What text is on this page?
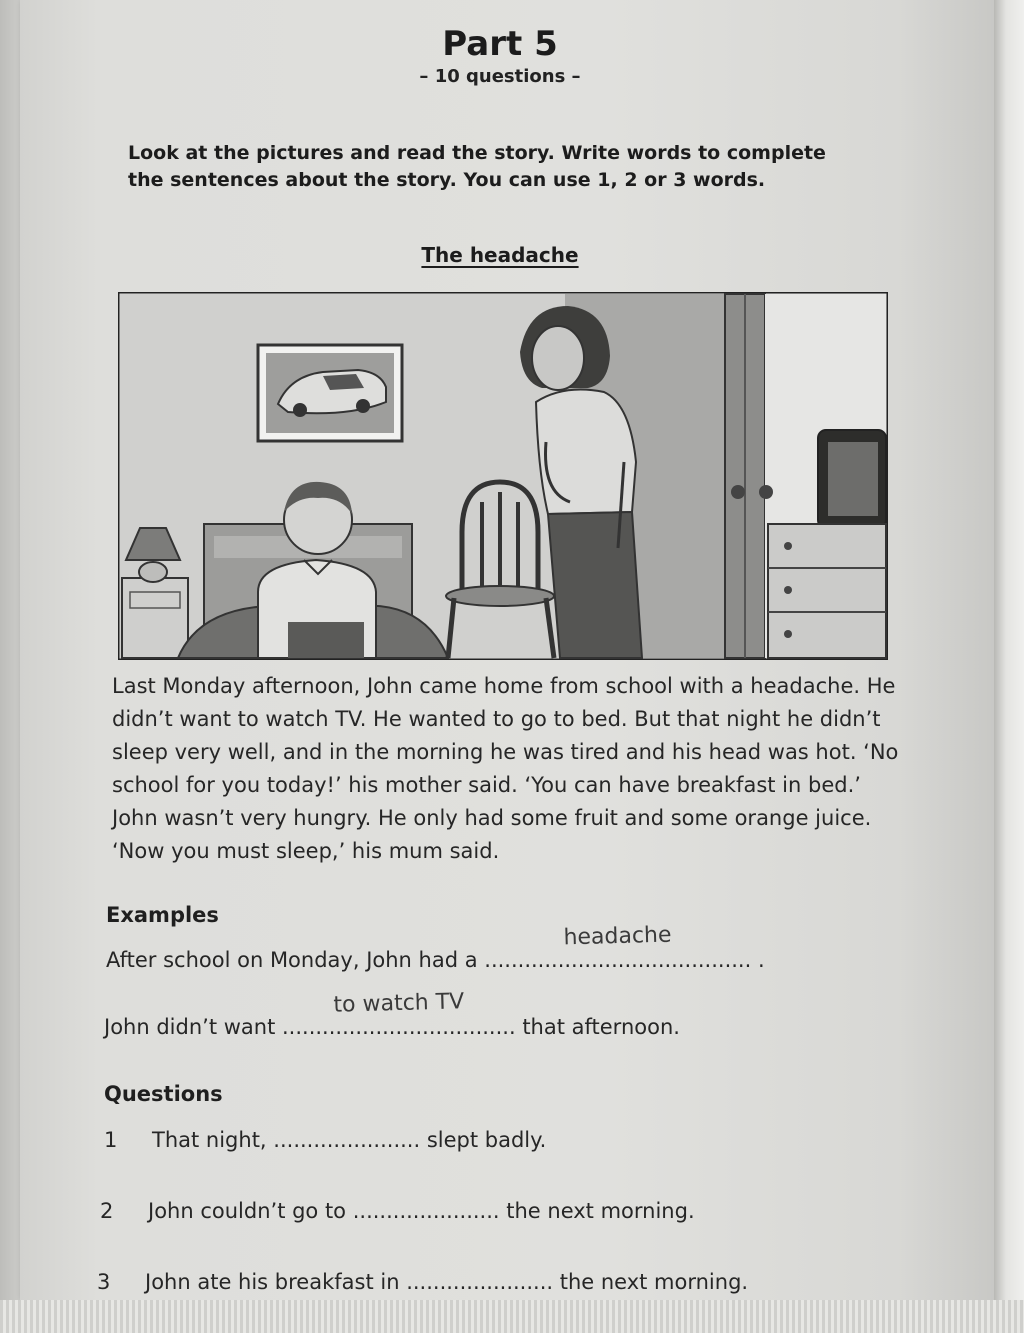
Part 5
– 10 questions –
Look at the pictures and read the story. Write words to complete the sentences about the story. You can use 1, 2 or 3 words.
The headache
Last Monday afternoon, John came home from school with a headache. He didn’t want to watch TV. He wanted to go to bed. But that night he didn’t sleep very well, and in the morning he was tired and his head was hot. ‘No school for you today!’ his mother said. ‘You can have breakfast in bed.’ John wasn’t very hungry. He only had some fruit and some orange juice. ‘Now you must sleep,’ his mum said.
Examples
After school on Monday, John had a ........................................
headache
.
John didn’t want ...................................
to watch TV
that afternoon.
Questions
1 That night, ...................... slept badly.
2 John couldn’t go to ...................... the next morning.
3 John ate his breakfast in ...................... the next morning.
